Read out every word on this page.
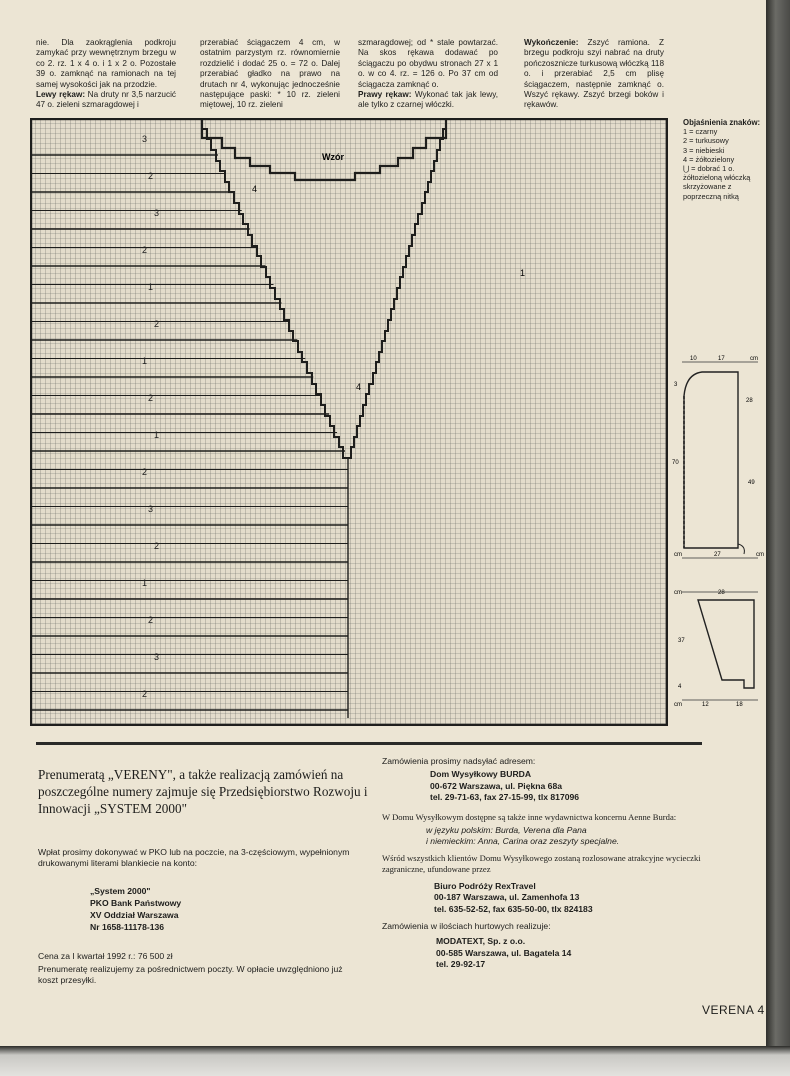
nie. Dla zaokrąglenia podkroju zamykać przy wewnętrznym brzegu w co 2. rz. 1 x 4 o. i 1 x 2 o. Pozostałe 39 o. zamknąć na ramionach na tej samej wysokości jak na przodzie.
Lewy rękaw: Na druty nr 3,5 narzucić 47 o. zieleni szmaragdowej i
przerabiać ściągaczem 4 cm, w ostatnim parzystym rz. równomiernie rozdzielić i dodać 25 o. = 72 o. Dalej przerabiać gładko na prawo na drutach nr 4, wykonując jednocześnie następujące paski: * 10 rz. zieleni miętowej, 10 rz. zieleni
szmaragdowej; od * stale powtarzać. Na skos rękawa dodawać po ściągaczu po obydwu stronach 27 x 1 o. w co 4. rz. = 126 o. Po 37 cm od ściągacza zamknąć o.
Prawy rękaw: Wykonać tak jak lewy, ale tylko z czarnej włóczki.
Wykończenie: Zszyć ramiona. Z brzegu podkroju szyi nabrać na druty pończosznicze turkusową włóczką 118 o. i przerabiać 2,5 cm plisę ściągaczem, następnie zamknąć o. Wszyć rękawy. Zszyć brzegi boków i rękawów.
Wzór
3
2
3
2
1
2
1
2
1
2
3
2
1
2
3
2
4
1
4
Objaśnienia znaków:
1 = czarny
2 = turkusowy
3 = niebieski
4 = żółtozielony
⋃ = dobrać 1 o. żółtozieloną włóczką skrzyżowane z poprzeczną nitką
10	17	cm
3
28
70
49
cm	27	cm
cm	28
37
4
cm	12	18
Prenumeratą „VERENY", a także realizacją zamówień na poszczególne numery zajmuje się Przedsiębiorstwo Rozwoju i Innowacji „SYSTEM 2000"
Wpłat prosimy dokonywać w PKO lub na poczcie, na 3-częściowym, wypełnionym drukowanymi literami blankiecie na konto:
„System 2000"
PKO Bank Państwowy
XV Oddział Warszawa
Nr 1658-11178-136
Cena za I kwartał 1992 r.: 76 500 zł
Prenumeratę realizujemy za pośrednictwem poczty. W opłacie uwzględniono już koszt przesyłki.
Zamówienia prosimy nadsyłać adresem:
Dom Wysyłkowy BURDA
00-672 Warszawa, ul. Piękna 68a
tel. 29-71-63, fax 27-15-99, tlx 817096
W Domu Wysyłkowym dostępne są także inne wydawnictwa koncernu Aenne Burda:
w języku polskim: Burda, Verena dla Pana
i niemieckim: Anna, Carina oraz zeszyty specjalne.
Wśród wszystkich klientów Domu Wysyłkowego zostaną rozlosowane atrakcyjne wycieczki zagraniczne, ufundowane przez
Biuro Podróży RexTravel
00-187 Warszawa, ul. Zamenhofa 13
tel. 635-52-52, fax 635-50-00, tlx 824183
Zamówienia w ilościach hurtowych realizuje:
MODATEXT, Sp. z o.o.
00-585 Warszawa, ul. Bagatela 14
tel. 29-92-17
VERENA 4
